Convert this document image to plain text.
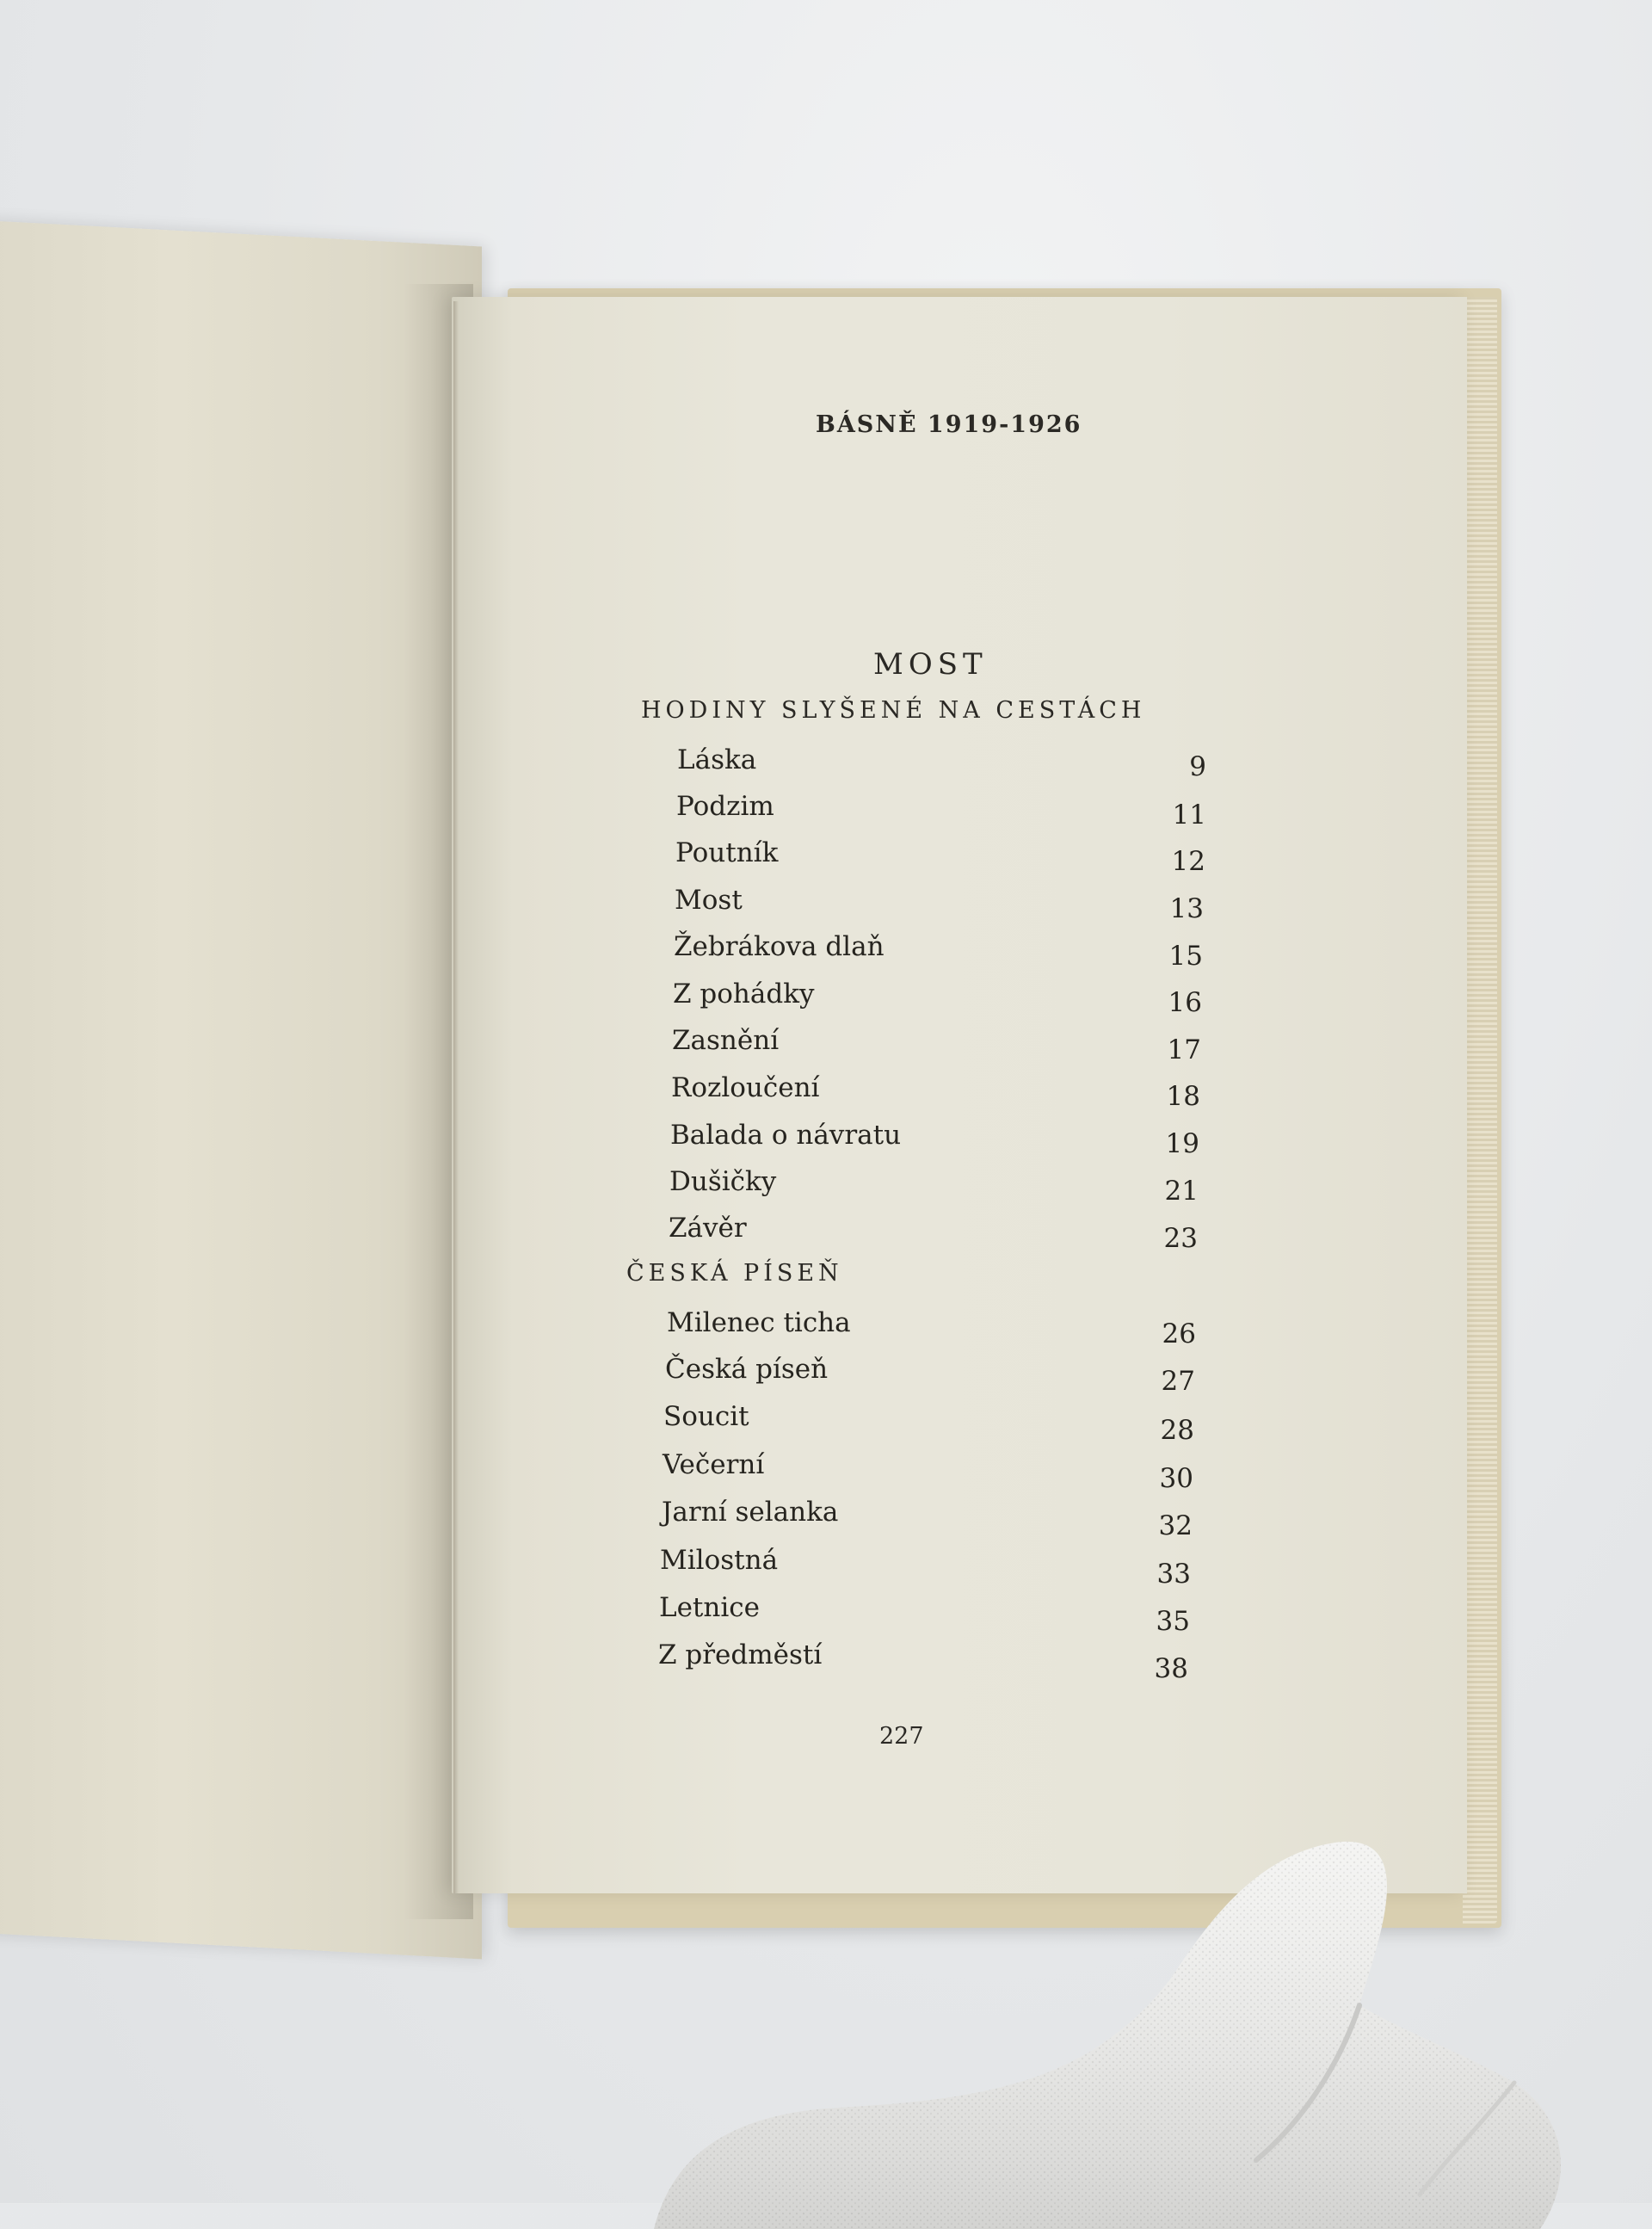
BÁSNĚ 1919-1926
MOST
HODINY SLYŠENÉ NA CESTÁCH
Láska	9
Podzim	11
Poutník	12
Most	13
Žebrákova dlaň	15
Z pohádky	16
Zasnění	17
Rozloučení	18
Balada o návratu	19
Dušičky	21
Závěr	23
ČESKÁ PÍSEŇ
Milenec ticha	26
Česká píseň	27
Soucit	28
Večerní	30
Jarní selanka	32
Milostná	33
Letnice	35
Z předměstí	38
227
